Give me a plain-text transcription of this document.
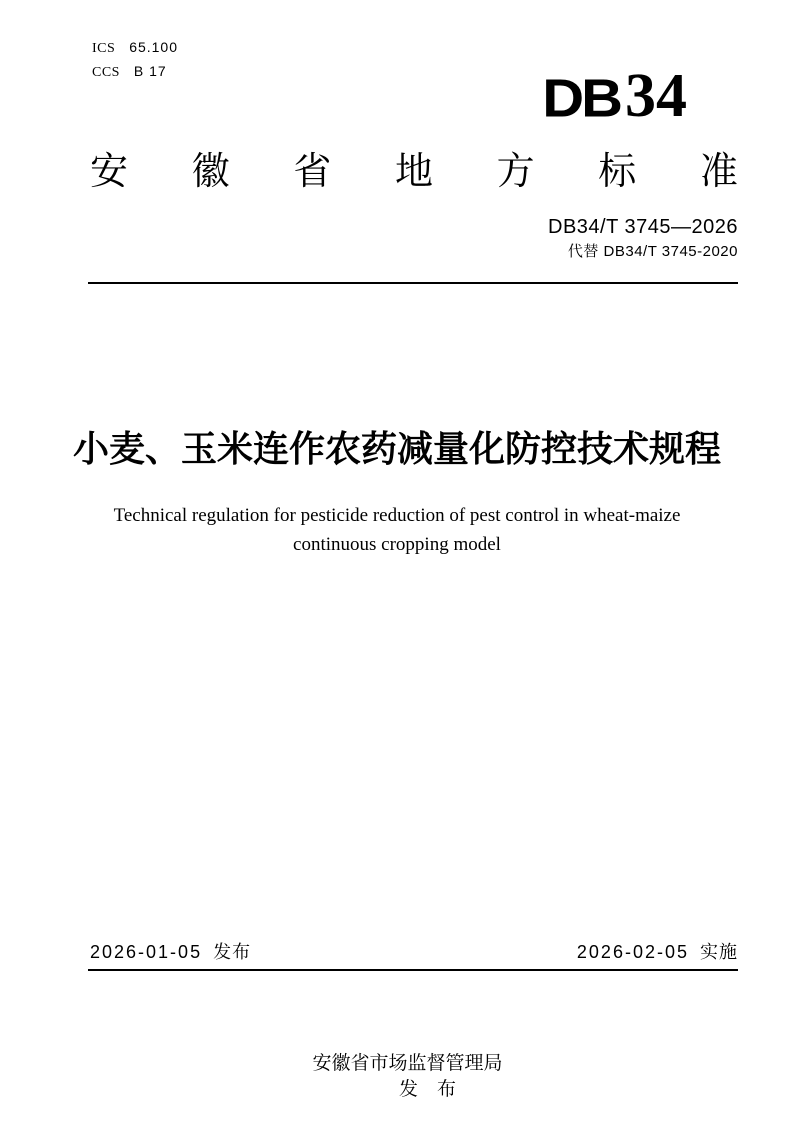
ICS 65.100
CCS B 17	DB 34
安 徽 省 地 方 标 准
DB34/T 3745—2026
代替 DB34/T 3745-2020
小麦、玉米连作农药减量化防控技术规程
Technical regulation for pesticide reduction of pest control in wheat-maize
continuous cropping model
2026-01-05 发布	2026-02-05 实施

安徽省市场监督管理局
发　布
